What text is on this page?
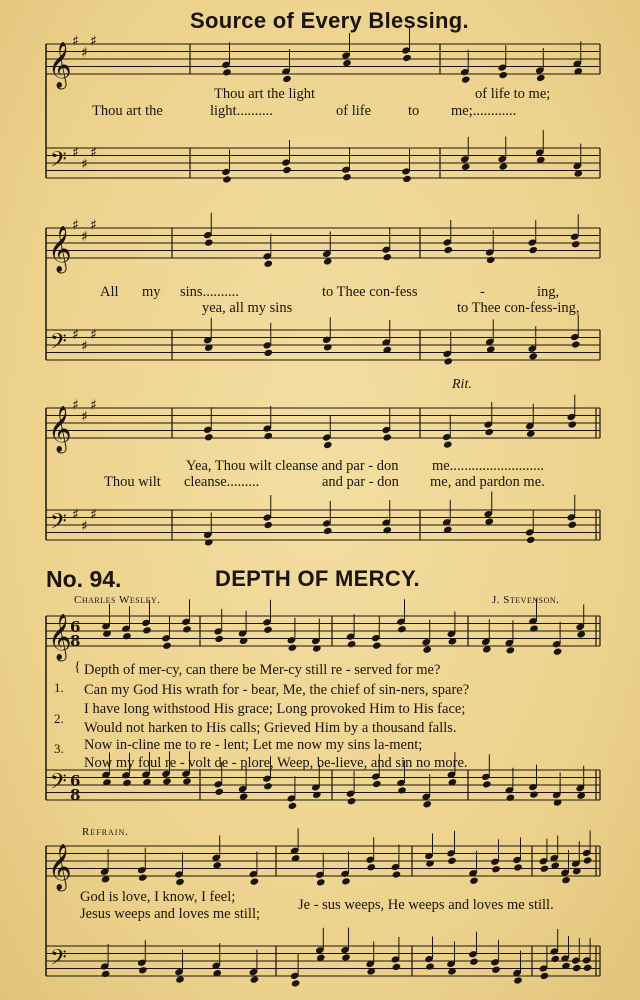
𝄞
𝄢
♯
♯
♯
♯
♯
♯
𝄞
𝄢
♯
♯
♯
♯
♯
♯
𝄞
𝄢
♯
♯
♯
♯
♯
♯
𝄞
𝄢
𝄞
𝄢
6
8
6
8
Source of Every Blessing.
Thou art the light	of life to me;
Thou art the	light..........	of life	to me;............
All my sins..........	to Thee con-fess	-	ing,
yea, all my sins	to Thee con-fess-ing,
Rit.
Yea, Thou wilt cleanse and par - don me..........................
Thou wilt cleanse.........	and par - don me, and pardon me.
No. 94.	DEPTH OF MERCY.
Charles Wesley.	J. Stevenson.
1.
{ Depth of mer-cy, can there be Mer-cy still re - served for me?
Can my God His wrath for - bear, Me, the chief of sin-ners, spare?
2.
I have long withstood His grace; Long provoked Him to His face;
Would not harken to His calls; Grieved Him by a thousand falls.
3. Now in-cline me to re - lent; Let me now my sins la-ment;
Now my foul re - volt de - plore, Weep, be-lieve, and sin no more.
Refrain.
God is love, I know, I feel;
Jesus weeps and loves me still;
Je - sus weeps, He weeps and loves me still.
